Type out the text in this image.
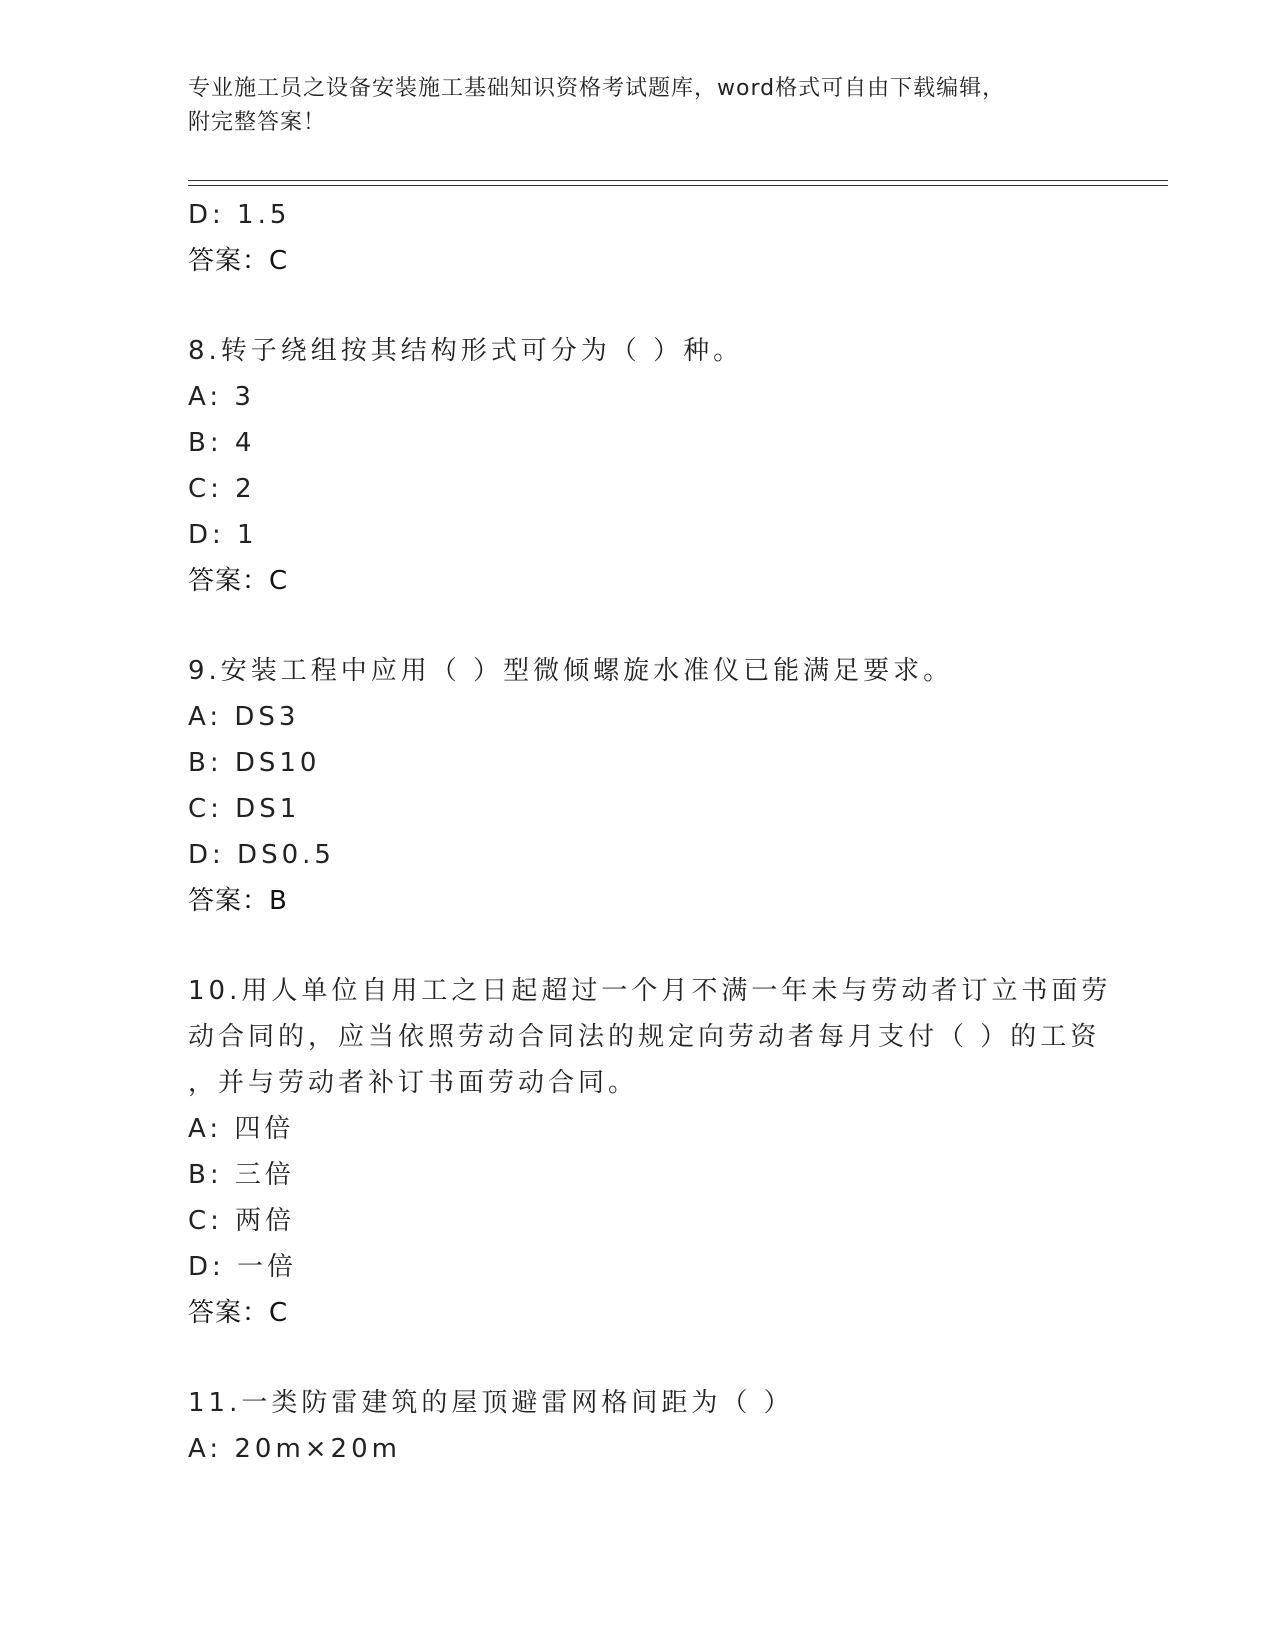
专业施工员之设备安装施工基础知识资格考试题库，word格式可自由下载编辑，
附完整答案！
D: 1.5
答案：C
8.转子绕组按其结构形式可分为（ ）种。
A: 3
B: 4
C: 2
D: 1
答案：C
9.安装工程中应用（ ）型微倾螺旋水准仪已能满足要求。
A: DS3
B: DS10
C: DS1
D: DS0.5
答案：B
10.用人单位自用工之日起超过一个月不满一年未与劳动者订立书面劳
动合同的，应当依照劳动合同法的规定向劳动者每月支付（ ）的工资
，并与劳动者补订书面劳动合同。
A: 四倍
B: 三倍
C: 两倍
D: 一倍
答案：C
11.一类防雷建筑的屋顶避雷网格间距为（ ）
A: 20m×20m
